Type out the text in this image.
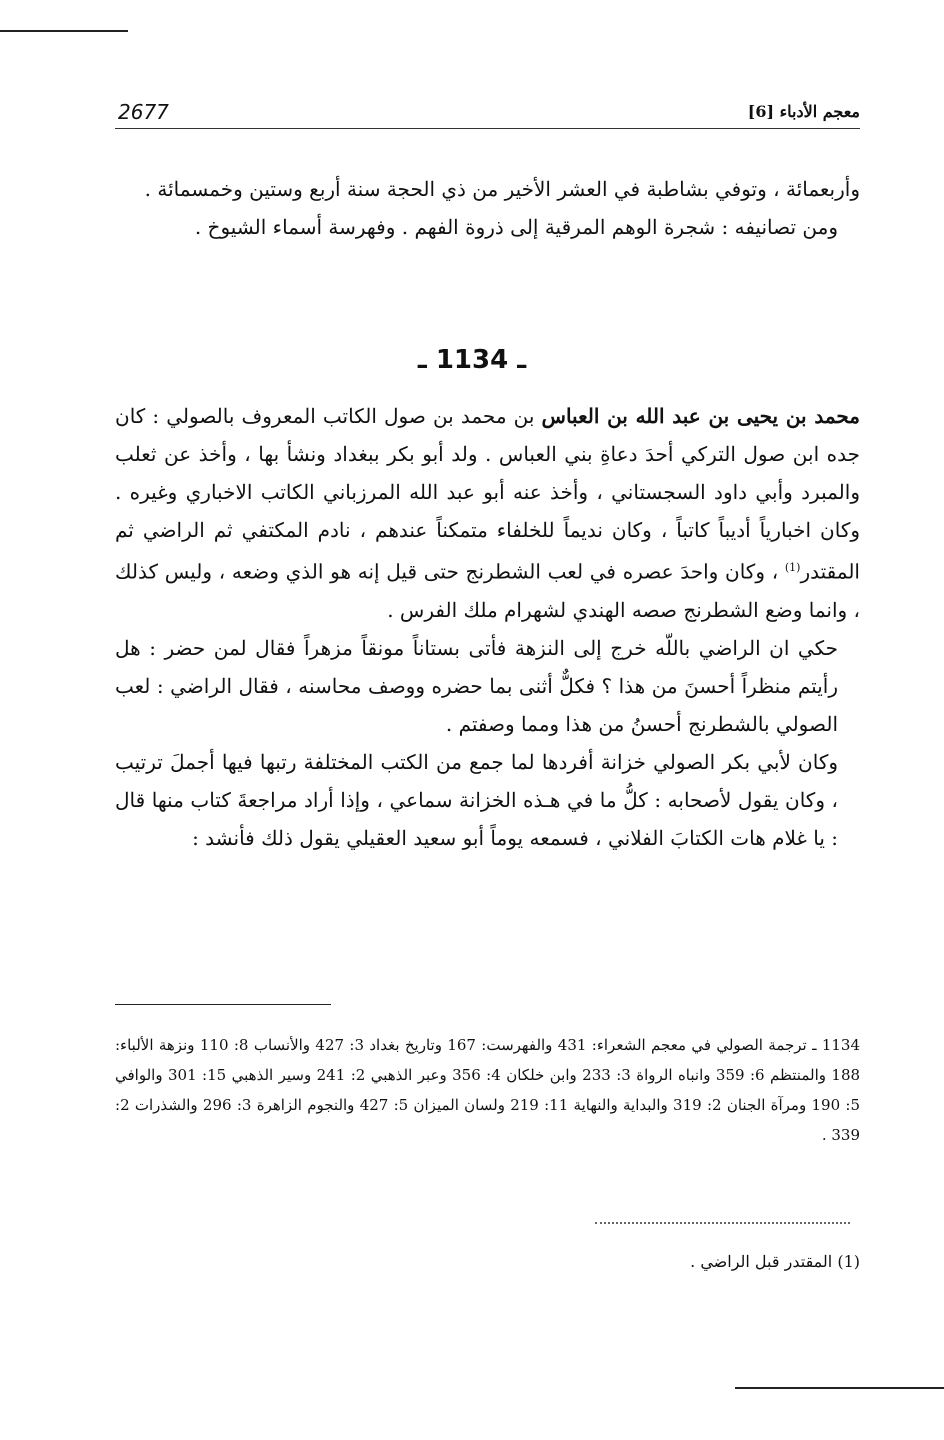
2677	معجم الأدباء [6]

وأربعمائة ، وتوفي بشاطبة في العشر الأخير من ذي الحجة سنة أربع وستين وخمسمائة .

ومن تصانيفه : شجرة الوهم المرقية إلى ذروة الفهم . وفهرسة أسماء الشيوخ .

ـ 1134 ـ

محمد بن يحيى بن عبد الله بن العباس بن محمد بن صول الكاتب المعروف بالصولي : كان جده ابن صول التركي أحدَ دعاةِ بني العباس . ولد أبو بكر ببغداد ونشأ بها ، وأخذ عن ثعلب والمبرد وأبي داود السجستاني ، وأخذ عنه أبو عبد الله المرزباني الكاتب الاخباري وغيره . وكان اخبارياً أديباً كاتباً ، وكان نديماً للخلفاء متمكناً عندهم ، نادم المكتفي ثم الراضي ثم المقتدر$^{(1)}$ ، وكان واحدَ عصره في لعب الشطرنج حتى قيل إنه هو الذي وضعه ، وليس كذلك ، وانما وضع الشطرنج صصه الهندي لشهرام ملك الفرس .

حكي ان الراضي باللّه خرج إلى النزهة فأتى بستاناً مونقاً مزهراً فقال لمن حضر : هل رأيتم منظراً أحسنَ من هذا ؟ فكلٌّ أثنى بما حضره ووصف محاسنه ، فقال الراضي : لعب الصولي بالشطرنج أحسنُ من هذا ومما وصفتم .

وكان لأبي بكر الصولي خزانة أفردها لما جمع من الكتب المختلفة رتبها فيها أجملَ ترتيب ، وكان يقول لأصحابه : كلُّ ما في هـذه الخزانة سماعي ، وإذا أراد مراجعةَ كتاب منها قال : يا غلام هات الكتابَ الفلاني ، فسمعه يوماً أبو سعيد العقيلي يقول ذلك فأنشد :

1134 ـ ترجمة الصولي في معجم الشعراء: 431 والفهرست: 167 وتاريخ بغداد 3: 427 والأنساب 8: 110 ونزهة الألباء: 188 والمنتظم 6: 359 وانباه الرواة 3: 233 وابن خلكان 4: 356 وعبر الذهبي 2: 241 وسير الذهبي 15: 301 والوافي 5: 190 ومرآة الجنان 2: 319 والبداية والنهاية 11: 219 ولسان الميزان 5: 427 والنجوم الزاهرة 3: 296 والشذرات 2: 339 .

(1) المقتدر قبل الراضي .
